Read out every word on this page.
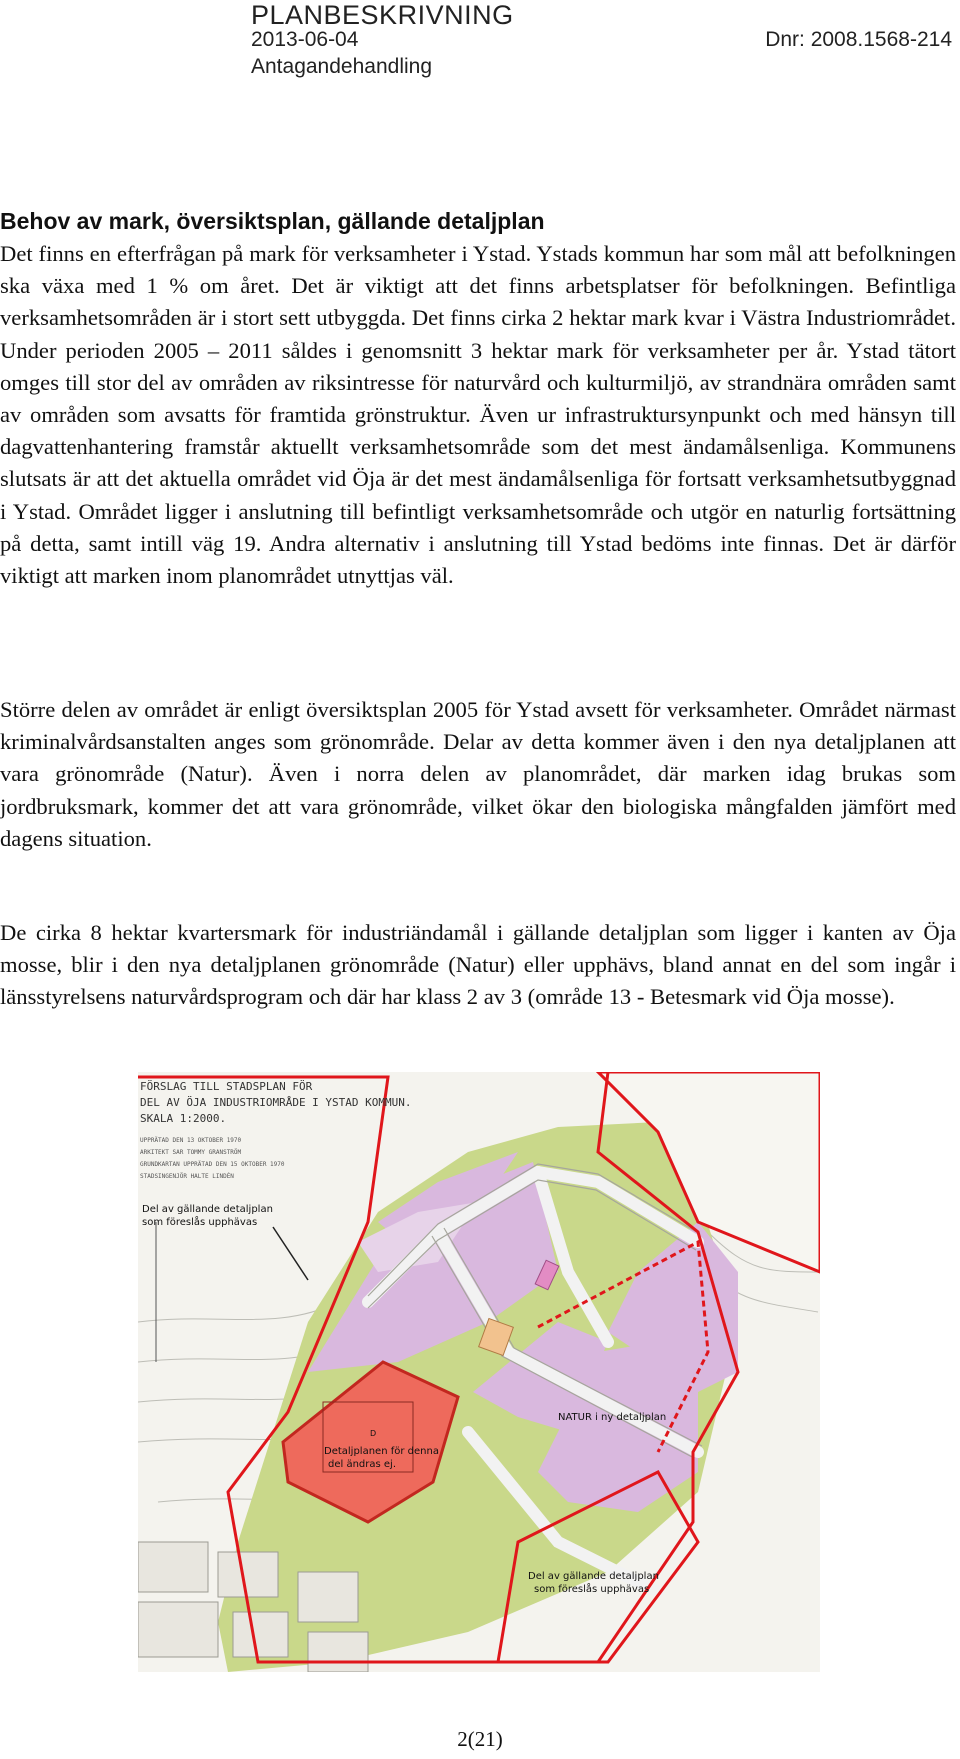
PLANBESKRIVNING
2013-06-04	Dnr: 2008.1568-214
Antagandehandling
Behov av mark, översiktsplan, gällande detaljplan
Det finns en efterfrågan på mark för verksamheter i Ystad. Ystads kommun har som mål att befolkningen ska växa med 1 % om året. Det är viktigt att det finns arbetsplatser för befolkningen. Befintliga verksamhetsområden är i stort sett utbyggda. Det finns cirka 2 hektar mark kvar i Västra Industriområdet. Under perioden 2005 – 2011 såldes i genomsnitt 3 hektar mark för verksamheter per år. Ystad tätort omges till stor del av områden av riksintresse för naturvård och kulturmiljö, av strandnära områden samt av områden som avsatts för framtida grönstruktur. Även ur infrastruktursynpunkt och med hänsyn till dagvattenhantering framstår aktuellt verksamhetsområde som det mest ändamålsenliga. Kommunens slutsats är att det aktuella området vid Öja är det mest ändamålsenliga för fortsatt verksamhetsutbyggnad i Ystad. Området ligger i anslutning till befintligt verksamhetsområde och utgör en naturlig fortsättning på detta, samt intill väg 19. Andra alternativ i anslutning till Ystad bedöms inte finnas. Det är därför viktigt att marken inom planområdet utnyttjas väl.
Större delen av området är enligt översiktsplan 2005 för Ystad avsett för verksamheter. Området närmast kriminalvårdsanstalten anges som grönområde. Delar av detta kommer även i den nya detaljplanen att vara grönområde (Natur). Även i norra delen av planområdet, där marken idag brukas som jordbruksmark, kommer det att vara grönområde, vilket ökar den biologiska mångfalden jämfört med dagens situation.
De cirka 8 hektar kvartersmark för industriändamål i gällande detaljplan som ligger i kanten av Öja mosse, blir i den nya detaljplanen grönområde (Natur) eller upphävs, bland annat en del som ingår i länsstyrelsens naturvårdsprogram och där har klass 2 av 3 (område 13 - Betesmark vid Öja mosse).
FÖRSLAG TILL STADSPLAN FÖR
DEL AV ÖJA INDUSTRIOMRÅDE I YSTAD KOMMUN.
SKALA 1:2000.
UPPRÄTAD DEN 13 OKTOBER 1970
ARKITEKT SAR TOMMY GRANSTRÖM
GRUNDKARTAN UPPRÄTAD DEN 15 OKTOBER 1970
STADSINGENJÖR HALTE LINDÉN
Del av gällande detaljplan
som föreslås upphävas
NATUR i ny detaljplan
Detaljplanen för denna
del ändras ej.
D
Del av gällande detaljplan
som föreslås upphävas
2(21)
